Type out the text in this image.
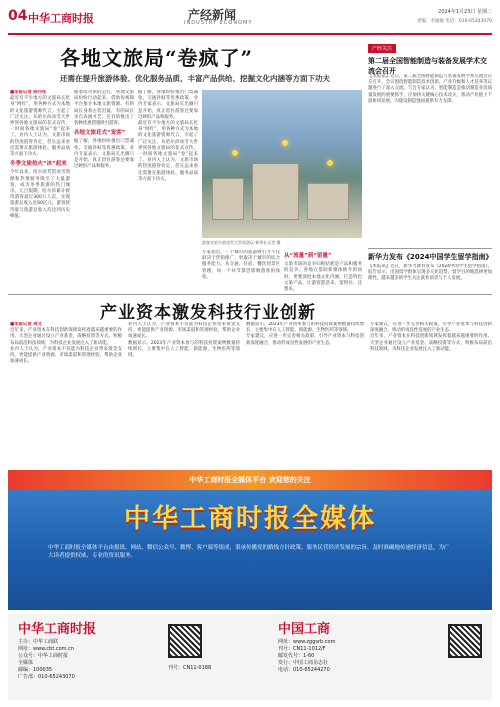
04 中华工商时报	产经新闻
INDUSTRY ECONOMY
2024年1月23日 星期二
责编：李媛媛 电话：010-65243070
各地文旅局“卷疯了”
还需在提升旅游体验、优化服务品质、丰富产品供给、挖掘文化内涵等方面下功夫
■本报记者 陈丹彤
最近有不少地方的文旅局长化身“网红”，用各种方式为本地的文化旅游资源代言，引起了广泛关注。从哈尔滨冰雪大世界到各地文旅局的花式宣传，一时间各地文旅局“卷”起来了。业内人士认为，文旅市场的热度值得肯定，但长远来看还需要在旅游体验、服务品质等方面下功夫。
冬季文旅热火“冰”起来
今年以来，哈尔滨凭借冰雪资源和热情服务吸引了大量游客，成为冬季旅游的热门城市。元旦假期，哈尔滨累计接待游客超过300万人次，实现旅游总收入近60亿元，游客接待量与旅游总收入均达到历史峰值。
随着哈尔滨的走红，各地文旅局纷纷行动起来，借助短视频平台推介本地文旅资源。有的局长身着古装出镜，有的局长亲自表演才艺，还有的推出了各种优惠措施吸引游客。
各地文旅花式“宠客”
据了解，各地纷纷推出门票减免、交通补贴等优惠政策。业内专家表示，文旅局长出圈只是开始，真正留住游客还要靠过硬的产品和服务。
据了解，各地纷纷推出门票减免、交通补贴等优惠政策。业内专家表示，文旅局长出圈只是开始，真正留住游客还要靠过硬的产品和服务。
最近有不少地方的文旅局长化身“网红”，用各种方式为本地的文化旅游资源代言，引起了广泛关注。从哈尔滨冰雪大世界到各地文旅局的花式宣传，一时间各地文旅局“卷”起来了。业内人士认为，文旅市场的热度值得肯定，但长远来看还需要在旅游体验、服务品质等方面下功夫。
游客在哈尔滨冰雪大世界游玩 新华社记者 摄
专家指出，一个城市的旅游吸引力不仅取决于营销推广，更取决于城市的综合服务能力。从交通、住宿、餐饮到景区管理，每一个环节都会影响游客的体验。
从“流量”到“留量”
文旅市场的竞争归根结底是产品和服务的竞争。各地在借助新媒体推介的同时，更要深挖本地文化内涵，打造特色文旅产品，让游客愿意来、留得住、还想来。
产经关注
第二届全国智能制造与装备发展学术交流会召开
【本报讯】近日，第二届全国智能制造与装备发展学术交流会在京召开。会议围绕智能制造技术创新、产业升级和人才培养等议题进行了深入交流。与会专家认为，智能制造是推动制造业高质量发展的重要抓手，应加快关键核心技术攻关，推动产业链上下游协同发展，为建设制造强国提供有力支撑。
新华力发布《2024中国学生留学指南》
【本报讯】近日，新华力教育发布《2024中国学生留学指南》。报告显示，出国留学群体呈现多元化趋势，留学目的地选择更加理性，越来越多的学生关注就业前景与个人发展。
产业资本激发科技行业创新
■本报记者 周文
近年来，产业资本在科技创新领域发挥着越来越重要的作用。大型企业通过设立产业基金、战略投资等方式，积极布局前沿科技领域，为科技企业发展注入了新动能。
业内人士认为，产业资本不仅能为科技企业带来资金支持，更能提供产业资源、市场渠道和管理经验，帮助企业加速成长。
业内人士认为，产业资本不仅能为科技企业带来资金支持，更能提供产业资源、市场渠道和管理经验，帮助企业加速成长。
数据显示，2023年产业资本参与的科技投资案例数量持续增长，主要集中在人工智能、新能源、生物医药等领域。
数据显示，2023年产业资本参与的科技投资案例数量持续增长，主要集中在人工智能、新能源、生物医药等领域。
专家建议，应进一步完善相关政策，引导产业资本与科技创新深度融合，推动形成良性发展的产业生态。
专家建议，应进一步完善相关政策，引导产业资本与科技创新深度融合，推动形成良性发展的产业生态。
近年来，产业资本在科技创新领域发挥着越来越重要的作用。大型企业通过设立产业基金、战略投资等方式，积极布局前沿科技领域，为科技企业发展注入了新动能。
中华工商时报全媒体平台 欢迎您的关注
中华工商时报全媒体
中华工商时报全媒体平台由报纸、网站、微信公众号、微博、客户端等组成，秉承传播党的路线方针政策、服务民营经济发展的宗旨，及时准确地传递经济信息，为广大读者提供权威、专业的资讯服务。
中华工商时报
主办：中华工商联
网址：www.cbt.com.cn
公众号：中华工商时报
全媒体
邮编：100035
广告部：010-65243070
刊号：CN11-0188
中国工商
网址：www.zggsrb.com
刊号：CN11-1012/F
邮发代号：1-60
发行：中国工商杂志社
电话：010-65244270
